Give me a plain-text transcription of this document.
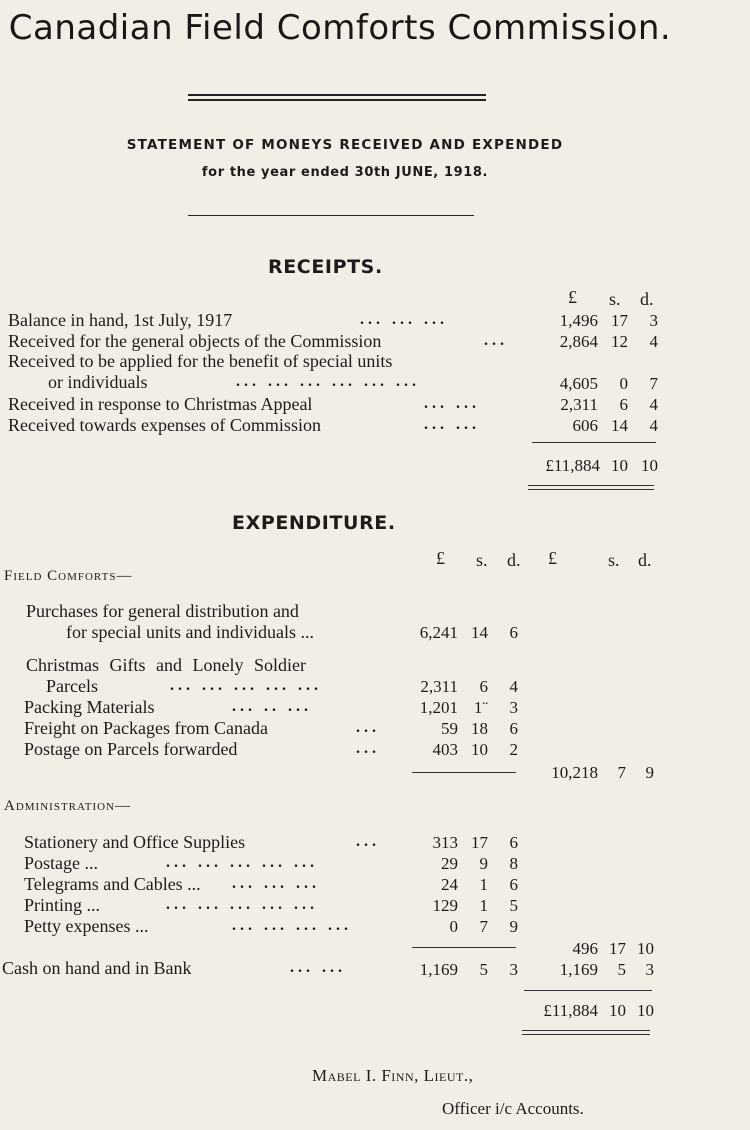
Canadian Field Comforts Commission.
STATEMENT OF MONEYS RECEIVED AND EXPENDED
for the year ended 30th JUNE, 1918.
RECEIPTS.
£ s. d.
Balance in hand, 1st July, 1917	... ... ...	1,496 17	3
Received for the general objects of the Commission	...	2,864 12	4
Received to be applied for the benefit of special units
or individuals	... ... ... ... ... ...	4,605	0	7
Received in response to Christmas Appeal	... ...	2,311	6	4
Received towards expenses of Commission	... ...	606 14	4
£11,884 10 10
EXPENDITURE.
£ s. d. £	s. d.
Field Comforts—
Purchases for general distribution and
for special units and individuals ...	6,241 14	6
Christmas Gifts and Lonely Soldier
Parcels	... ... ... ... ...	2,311	6	4
Packing Materials	... .. ...	1,201 1¨	3
Freight on Packages from Canada	...	59 18	6
Postage on Parcels forwarded	...	403 10	2
10,218	7	9
Administration—
Stationery and Office Supplies	...	313 17	6
Postage ...	... ... ... ... ...	29	9	8
Telegrams and Cables ... ... ... ...	24	1	6
Printing ...	... ... ... ... ...	129	1	5
Petty expenses ...	... ... ... ...	0	7	9
496 17 10
Cash on hand and in Bank	... ...	1,169	5	3	1,169	5	3
£11,884 10 10
Mabel I. Finn, Lieut.,
Officer i/c Accounts.
